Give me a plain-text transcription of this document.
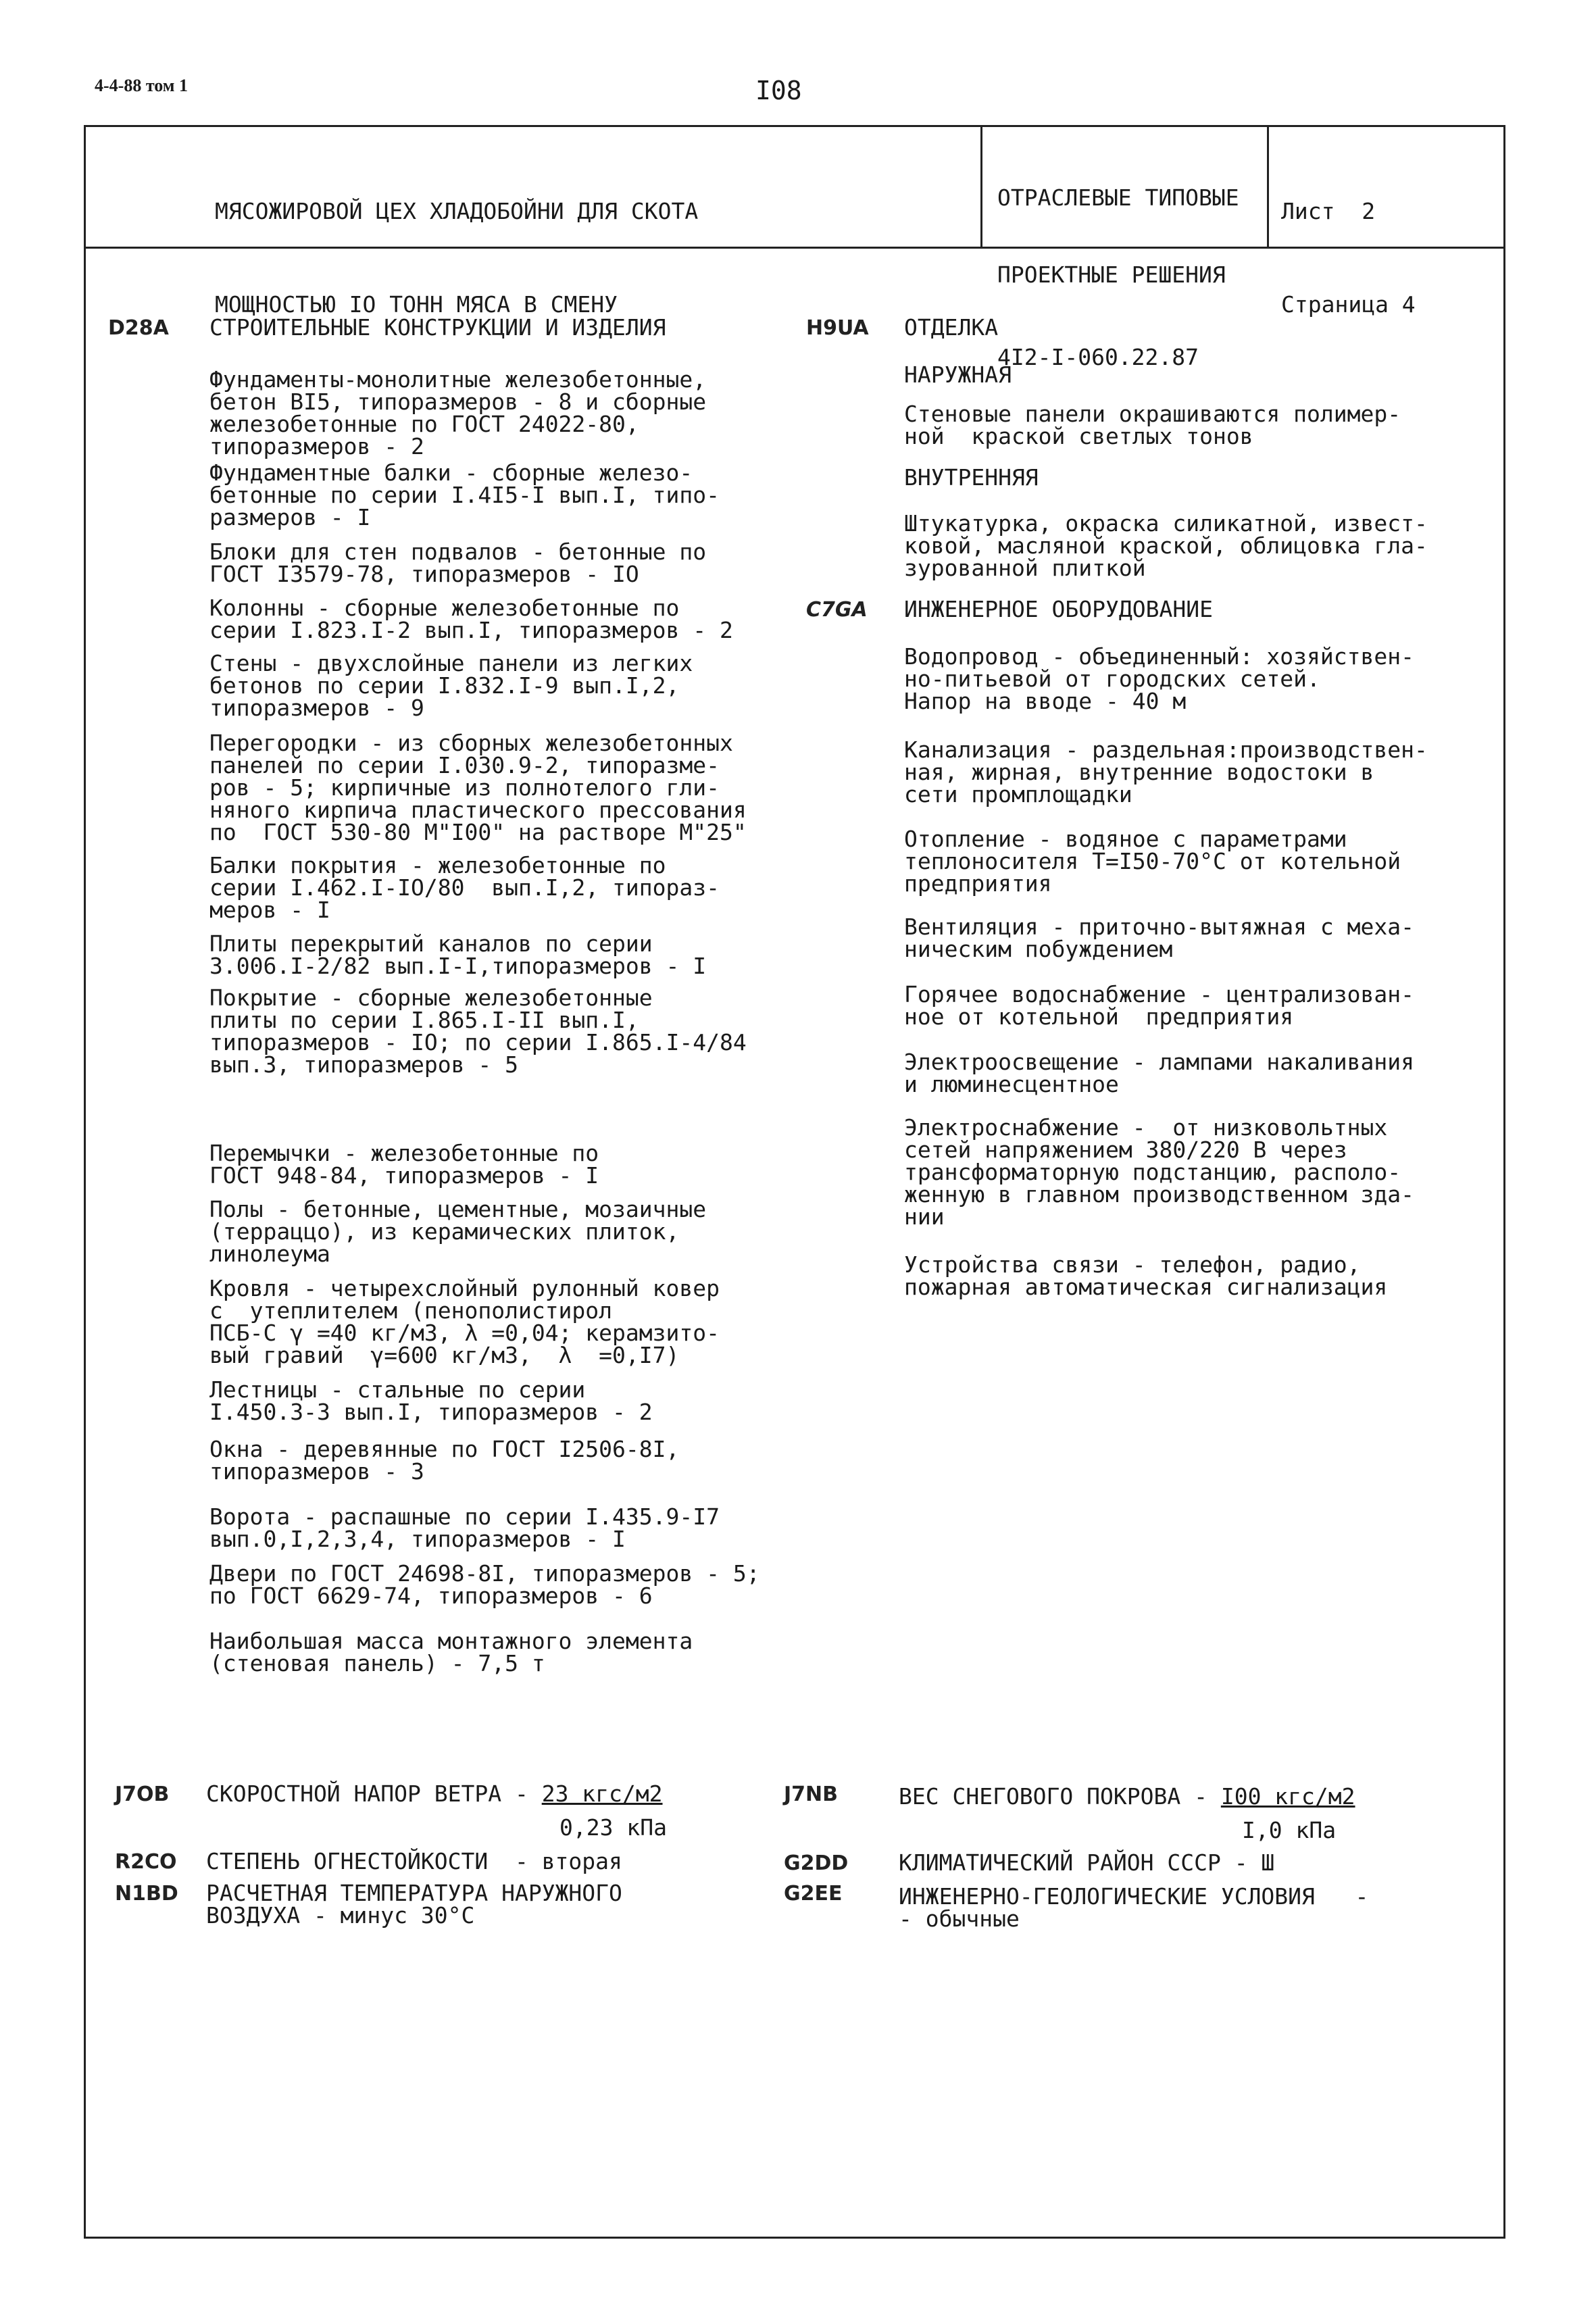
4-4-88 том 1	I08

МЯСОЖИРОВОЙ ЦЕХ ХЛАДОБОЙНИ ДЛЯ СКОТА

МОЩНОСТЬЮ IO ТОНН МЯСА В СМЕНУ

ОТРАСЛЕВЫЕ ТИПОВЫЕ

ПРОЕКТНЫЕ РЕШЕНИЯ

4I2-I-060.22.87

Лист  2

Страница 4

D28A СТРОИТЕЛЬНЫЕ КОНСТРУКЦИИ И ИЗДЕЛИЯ
Фундаменты-монолитные железобетонные,
бетон BI5, типоразмеров - 8 и сборные
железобетонные по ГОСТ 24022-80,
типоразмеров - 2
Фундаментные балки - сборные железо-
бетонные по серии I.4I5-I вып.I, типо-
размеров - I
Блоки для стен подвалов - бетонные по
ГОСТ I3579-78, типоразмеров - IO
Колонны - сборные железобетонные по
серии I.823.I-2 вып.I, типоразмеров - 2
Стены - двухслойные панели из легких
бетонов по серии I.832.I-9 вып.I,2,
типоразмеров - 9
Перегородки - из сборных железобетонных
панелей по серии I.030.9-2, типоразме-
ров - 5; кирпичные из полнотелого гли-
няного кирпича пластического прессования
по  ГОСТ 530-80 М"I00" на растворе М"25"
Балки покрытия - железобетонные по
серии I.462.I-IO/80  вып.I,2, типораз-
меров - I
Плиты перекрытий каналов по серии
3.006.I-2/82 вып.I-I,типоразмеров - I
Покрытие - сборные железобетонные
плиты по серии I.865.I-II вып.I,
типоразмеров - IO; по серии I.865.I-4/84
вып.3, типоразмеров - 5
Перемычки - железобетонные по
ГОСТ 948-84, типоразмеров - I
Полы - бетонные, цементные, мозаичные
(терраццо), из керамических плиток,
линолеума
Кровля - четырехслойный рулонный ковер
с  утеплителем (пенополистирол
ПСБ-С γ =40 кг/м3, λ =0,04; керамзито-
вый гравий  γ=600 кг/м3,  λ  =0,I7)
Лестницы - стальные по серии
I.450.3-3 вып.I, типоразмеров - 2
Окна - деревянные по ГОСТ I2506-8I,
типоразмеров - 3
Ворота - распашные по серии I.435.9-I7
вып.0,I,2,3,4, типоразмеров - I
Двери по ГОСТ 24698-8I, типоразмеров - 5;
по ГОСТ 6629-74, типоразмеров - 6
Наибольшая масса монтажного элемента
(стеновая панель) - 7,5 т
H9UA ОТДЕЛКА
НАРУЖНАЯ
Стеновые панели окрашиваются полимер-
ной  краской светлых тонов
ВНУТРЕННЯЯ
Штукатурка, окраска силикатной, извест-
ковой, масляной краской, облицовка гла-
зурованной плиткой
C7GA ИНЖЕНЕРНОЕ ОБОРУДОВАНИЕ
Водопровод - объединенный: хозяйствен-
но-питьевой от городских сетей.
Напор на вводе - 40 м
Канализация - раздельная:производствен-
ная, жирная, внутренние водостоки в
сети промплощадки
Отопление - водяное с параметрами
теплоносителя Т=I50-70°С от котельной
предприятия
Вентиляция - приточно-вытяжная с меха-
ническим побуждением
Горячее водоснабжение - централизован-
ное от котельной  предприятия
Электроосвещение - лампами накаливания
и люминесцентное
Электроснабжение -  от низковольтных
сетей напряжением 380/220 В через
трансформаторную подстанцию, располо-
женную в главном производственном зда-
нии
Устройства связи - телефон, радио,
пожарная автоматическая сигнализация
J7OB СКОРОСТНОЙ НАПОР ВЕТРА - 23 кгс/м2
0,23 кПа
R2CO СТЕПЕНЬ ОГНЕСТОЙКОСТИ  - вторая
N1BD РАСЧЕТНАЯ ТЕМПЕРАТУРА НАРУЖНОГО
ВОЗДУХА - минус 30°С
J7NB	ВЕС СНЕГОВОГО ПОКРОВА - I00 кгс/м2
I,0 кПа
G2DD КЛИМАТИЧЕСКИЙ РАЙОН СССР - Ш
G2EE	ИНЖЕНЕРНО-ГЕОЛОГИЧЕСКИЕ УСЛОВИЯ   -
- обычные
